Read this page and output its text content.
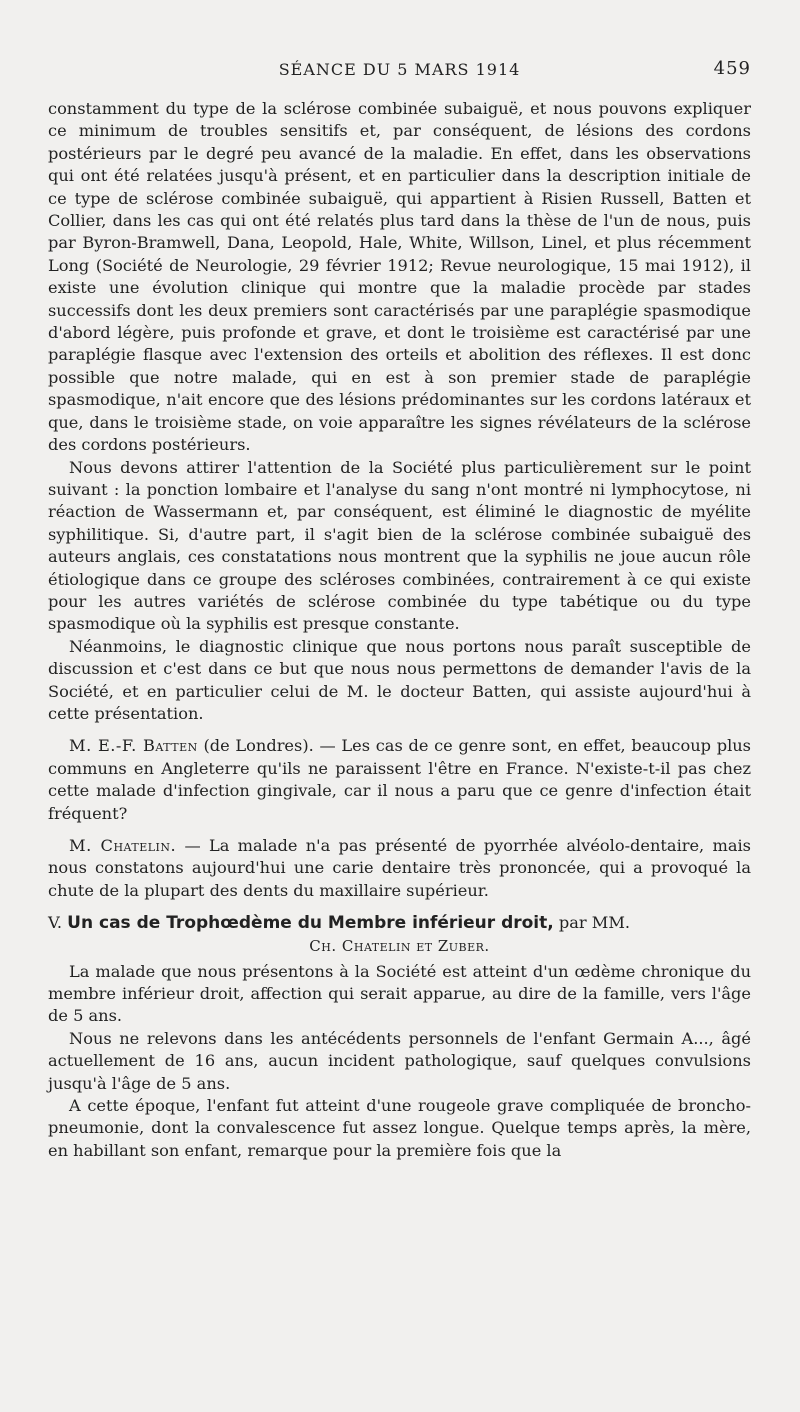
SÉANCE DU 5 MARS 1914	459

constamment du type de la sclérose combinée subaiguë, et nous pouvons expliquer ce minimum de troubles sensitifs et, par conséquent, de lésions des cordons postérieurs par le degré peu avancé de la maladie. En effet, dans les observations qui ont été relatées jusqu'à présent, et en particulier dans la description initiale de ce type de sclérose combinée subaiguë, qui appartient à Risien Russell, Batten et Collier, dans les cas qui ont été relatés plus tard dans la thèse de l'un de nous, puis par Byron-Bramwell, Dana, Leopold, Hale, White, Willson, Linel, et plus récemment Long (Société de Neurologie, 29 février 1912; Revue neurologique, 15 mai 1912), il existe une évolution clinique qui montre que la maladie procède par stades successifs dont les deux premiers sont caractérisés par une paraplégie spasmodique d'abord légère, puis profonde et grave, et dont le troisième est caractérisé par une paraplégie flasque avec l'extension des orteils et abolition des réflexes. Il est donc possible que notre malade, qui en est à son premier stade de paraplégie spasmodique, n'ait encore que des lésions prédominantes sur les cordons latéraux et que, dans le troisième stade, on voie apparaître les signes révélateurs de la sclérose des cordons postérieurs.

Nous devons attirer l'attention de la Société plus particulièrement sur le point suivant : la ponction lombaire et l'analyse du sang n'ont montré ni lymphocytose, ni réaction de Wassermann et, par conséquent, est éliminé le diagnostic de myélite syphilitique. Si, d'autre part, il s'agit bien de la sclérose combinée subaiguë des auteurs anglais, ces constatations nous montrent que la syphilis ne joue aucun rôle étiologique dans ce groupe des scléroses combinées, contrairement à ce qui existe pour les autres variétés de sclérose combinée du type tabétique ou du type spasmodique où la syphilis est presque constante.

Néanmoins, le diagnostic clinique que nous portons nous paraît susceptible de discussion et c'est dans ce but que nous nous permettons de demander l'avis de la Société, et en particulier celui de M. le docteur Batten, qui assiste aujourd'hui à cette présentation.

M. E.-F. Batten (de Londres). — Les cas de ce genre sont, en effet, beaucoup plus communs en Angleterre qu'ils ne paraissent l'être en France. N'existe-t-il pas chez cette malade d'infection gingivale, car il nous a paru que ce genre d'infection était fréquent?

M. Chatelin. — La malade n'a pas présenté de pyorrhée alvéolo-dentaire, mais nous constatons aujourd'hui une carie dentaire très prononcée, qui a provoqué la chute de la plupart des dents du maxillaire supérieur.

V. Un cas de Trophœdème du Membre inférieur droit, par MM.
Ch. Chatelin et Zuber.

La malade que nous présentons à la Société est atteint d'un œdème chronique du membre inférieur droit, affection qui serait apparue, au dire de la famille, vers l'âge de 5 ans.

Nous ne relevons dans les antécédents personnels de l'enfant Germain A..., âgé actuellement de 16 ans, aucun incident pathologique, sauf quelques convulsions jusqu'à l'âge de 5 ans.

A cette époque, l'enfant fut atteint d'une rougeole grave compliquée de broncho-pneumonie, dont la convalescence fut assez longue. Quelque temps après, la mère, en habillant son enfant, remarque pour la première fois que la
